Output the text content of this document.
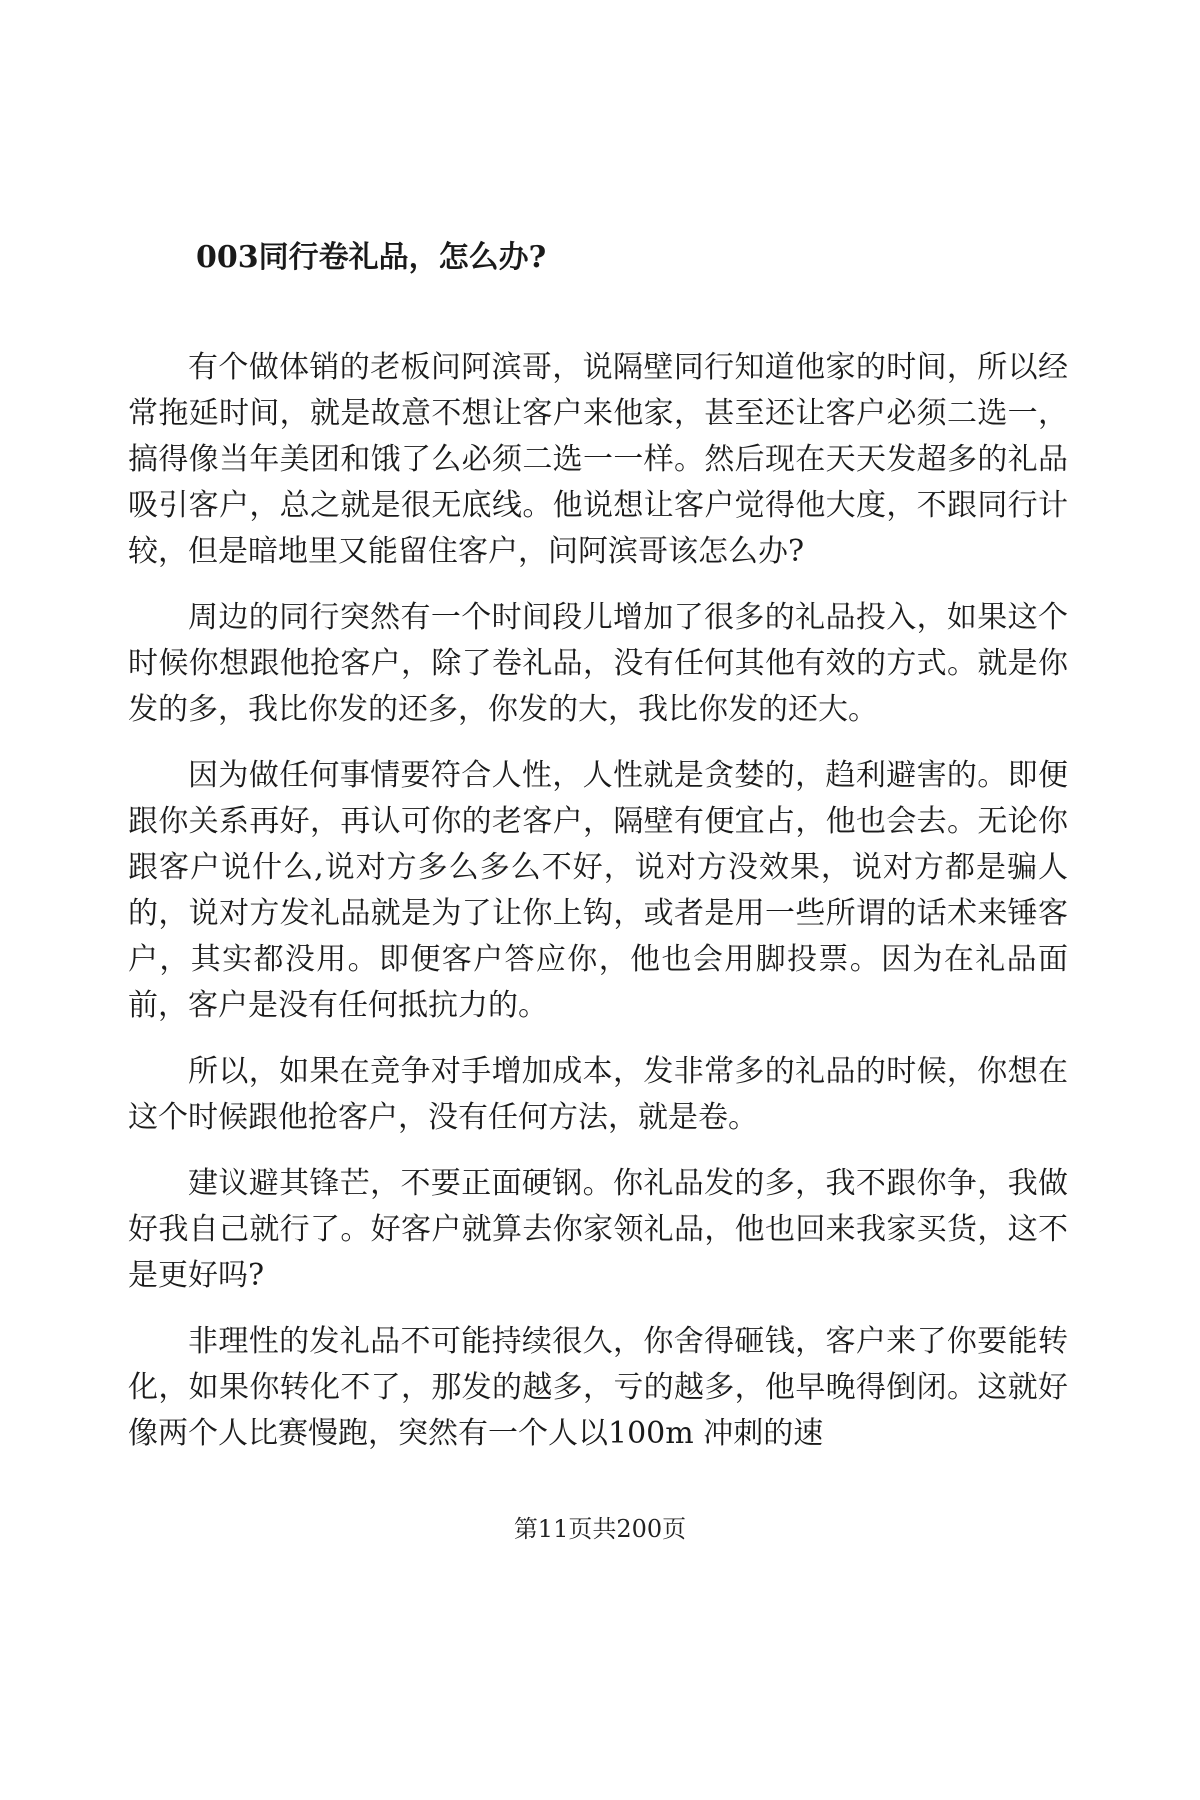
003同行卷礼品，怎么办?

有个做体销的老板问阿滨哥，说隔壁同行知道他家的时间，所以经常拖延时间，就是故意不想让客户来他家，甚至还让客户必须二选一，搞得像当年美团和饿了么必须二选一一样。然后现在天天发超多的礼品吸引客户，总之就是很无底线。他说想让客户觉得他大度，不跟同行计较，但是暗地里又能留住客户，问阿滨哥该怎么办?

周边的同行突然有一个时间段儿增加了很多的礼品投入，如果这个时候你想跟他抢客户，除了卷礼品，没有任何其他有效的方式。就是你发的多，我比你发的还多，你发的大，我比你发的还大。

因为做任何事情要符合人性，人性就是贪婪的，趋利避害的。即便跟你关系再好，再认可你的老客户，隔壁有便宜占，他也会去。无论你跟客户说什么,说对方多么多么不好，说对方没效果，说对方都是骗人的，说对方发礼品就是为了让你上钩，或者是用一些所谓的话术来锤客户，其实都没用。即便客户答应你，他也会用脚投票。因为在礼品面前，客户是没有任何抵抗力的。

所以，如果在竞争对手增加成本，发非常多的礼品的时候，你想在这个时候跟他抢客户，没有任何方法，就是卷。

建议避其锋芒，不要正面硬钢。你礼品发的多，我不跟你争，我做好我自己就行了。好客户就算去你家领礼品，他也回来我家买货，这不是更好吗?

非理性的发礼品不可能持续很久，你舍得砸钱，客户来了你要能转化，如果你转化不了，那发的越多，亏的越多，他早晚得倒闭。这就好像两个人比赛慢跑，突然有一个人以100m 冲刺的速

第11页共200页
